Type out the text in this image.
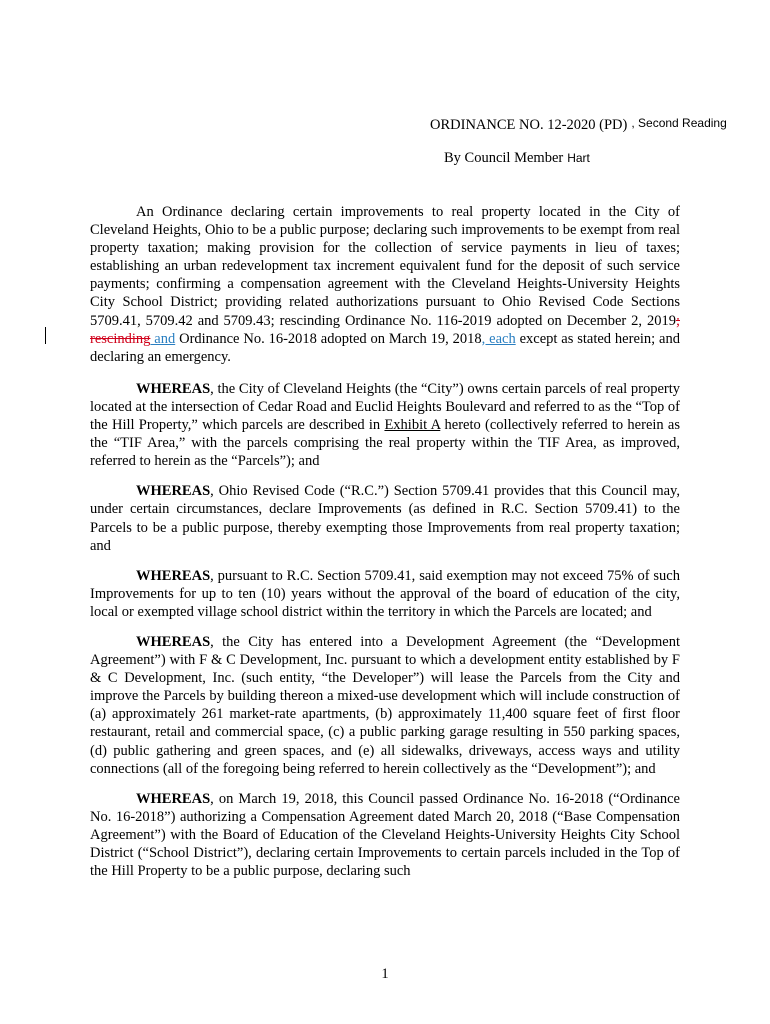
ORDINANCE NO. 12-2020 (PD) , Second Reading
By Council Member Hart

An Ordinance declaring certain improvements to real property located in the City of Cleveland Heights, Ohio to be a public purpose; declaring such improvements to be exempt from real property taxation; making provision for the collection of service payments in lieu of taxes; establishing an urban redevelopment tax increment equivalent fund for the deposit of such service payments; confirming a compensation agreement with the Cleveland Heights-University Heights City School District; providing related authorizations pursuant to Ohio Revised Code Sections 5709.41, 5709.42 and 5709.43; rescinding Ordinance No. 116-2019 adopted on December 2, 2019; rescinding and Ordinance No. 16-2018 adopted on March 19, 2018, each except as stated herein; and declaring an emergency.

WHEREAS, the City of Cleveland Heights (the “City”) owns certain parcels of real property located at the intersection of Cedar Road and Euclid Heights Boulevard and referred to as the “Top of the Hill Property,” which parcels are described in Exhibit A hereto (collectively referred to herein as the “TIF Area,” with the parcels comprising the real property within the TIF Area, as improved, referred to herein as the “Parcels”); and

WHEREAS, Ohio Revised Code (“R.C.”) Section 5709.41 provides that this Council may, under certain circumstances, declare Improvements (as defined in R.C. Section 5709.41) to the Parcels to be a public purpose, thereby exempting those Improvements from real property taxation; and

WHEREAS, pursuant to R.C. Section 5709.41, said exemption may not exceed 75% of such Improvements for up to ten (10) years without the approval of the board of education of the city, local or exempted village school district within the territory in which the Parcels are located; and

WHEREAS, the City has entered into a Development Agreement (the “Development Agreement”) with F & C Development, Inc. pursuant to which a development entity established by F & C Development, Inc. (such entity, “the Developer”) will lease the Parcels from the City and improve the Parcels by building thereon a mixed-use development which will include construction of (a) approximately 261 market-rate apartments, (b) approximately 11,400 square feet of first floor restaurant, retail and commercial space, (c) a public parking garage resulting in 550 parking spaces, (d) public gathering and green spaces, and (e) all sidewalks, driveways, access ways and utility connections (all of the foregoing being referred to herein collectively as the “Development”); and

WHEREAS, on March 19, 2018, this Council passed Ordinance No. 16-2018 (“Ordinance No. 16-2018”) authorizing a Compensation Agreement dated March 20, 2018 (“Base Compensation Agreement”) with the Board of Education of the Cleveland Heights-University Heights City School District (“School District”), declaring certain Improvements to certain parcels included in the Top of the Hill Property to be a public purpose, declaring such

1
